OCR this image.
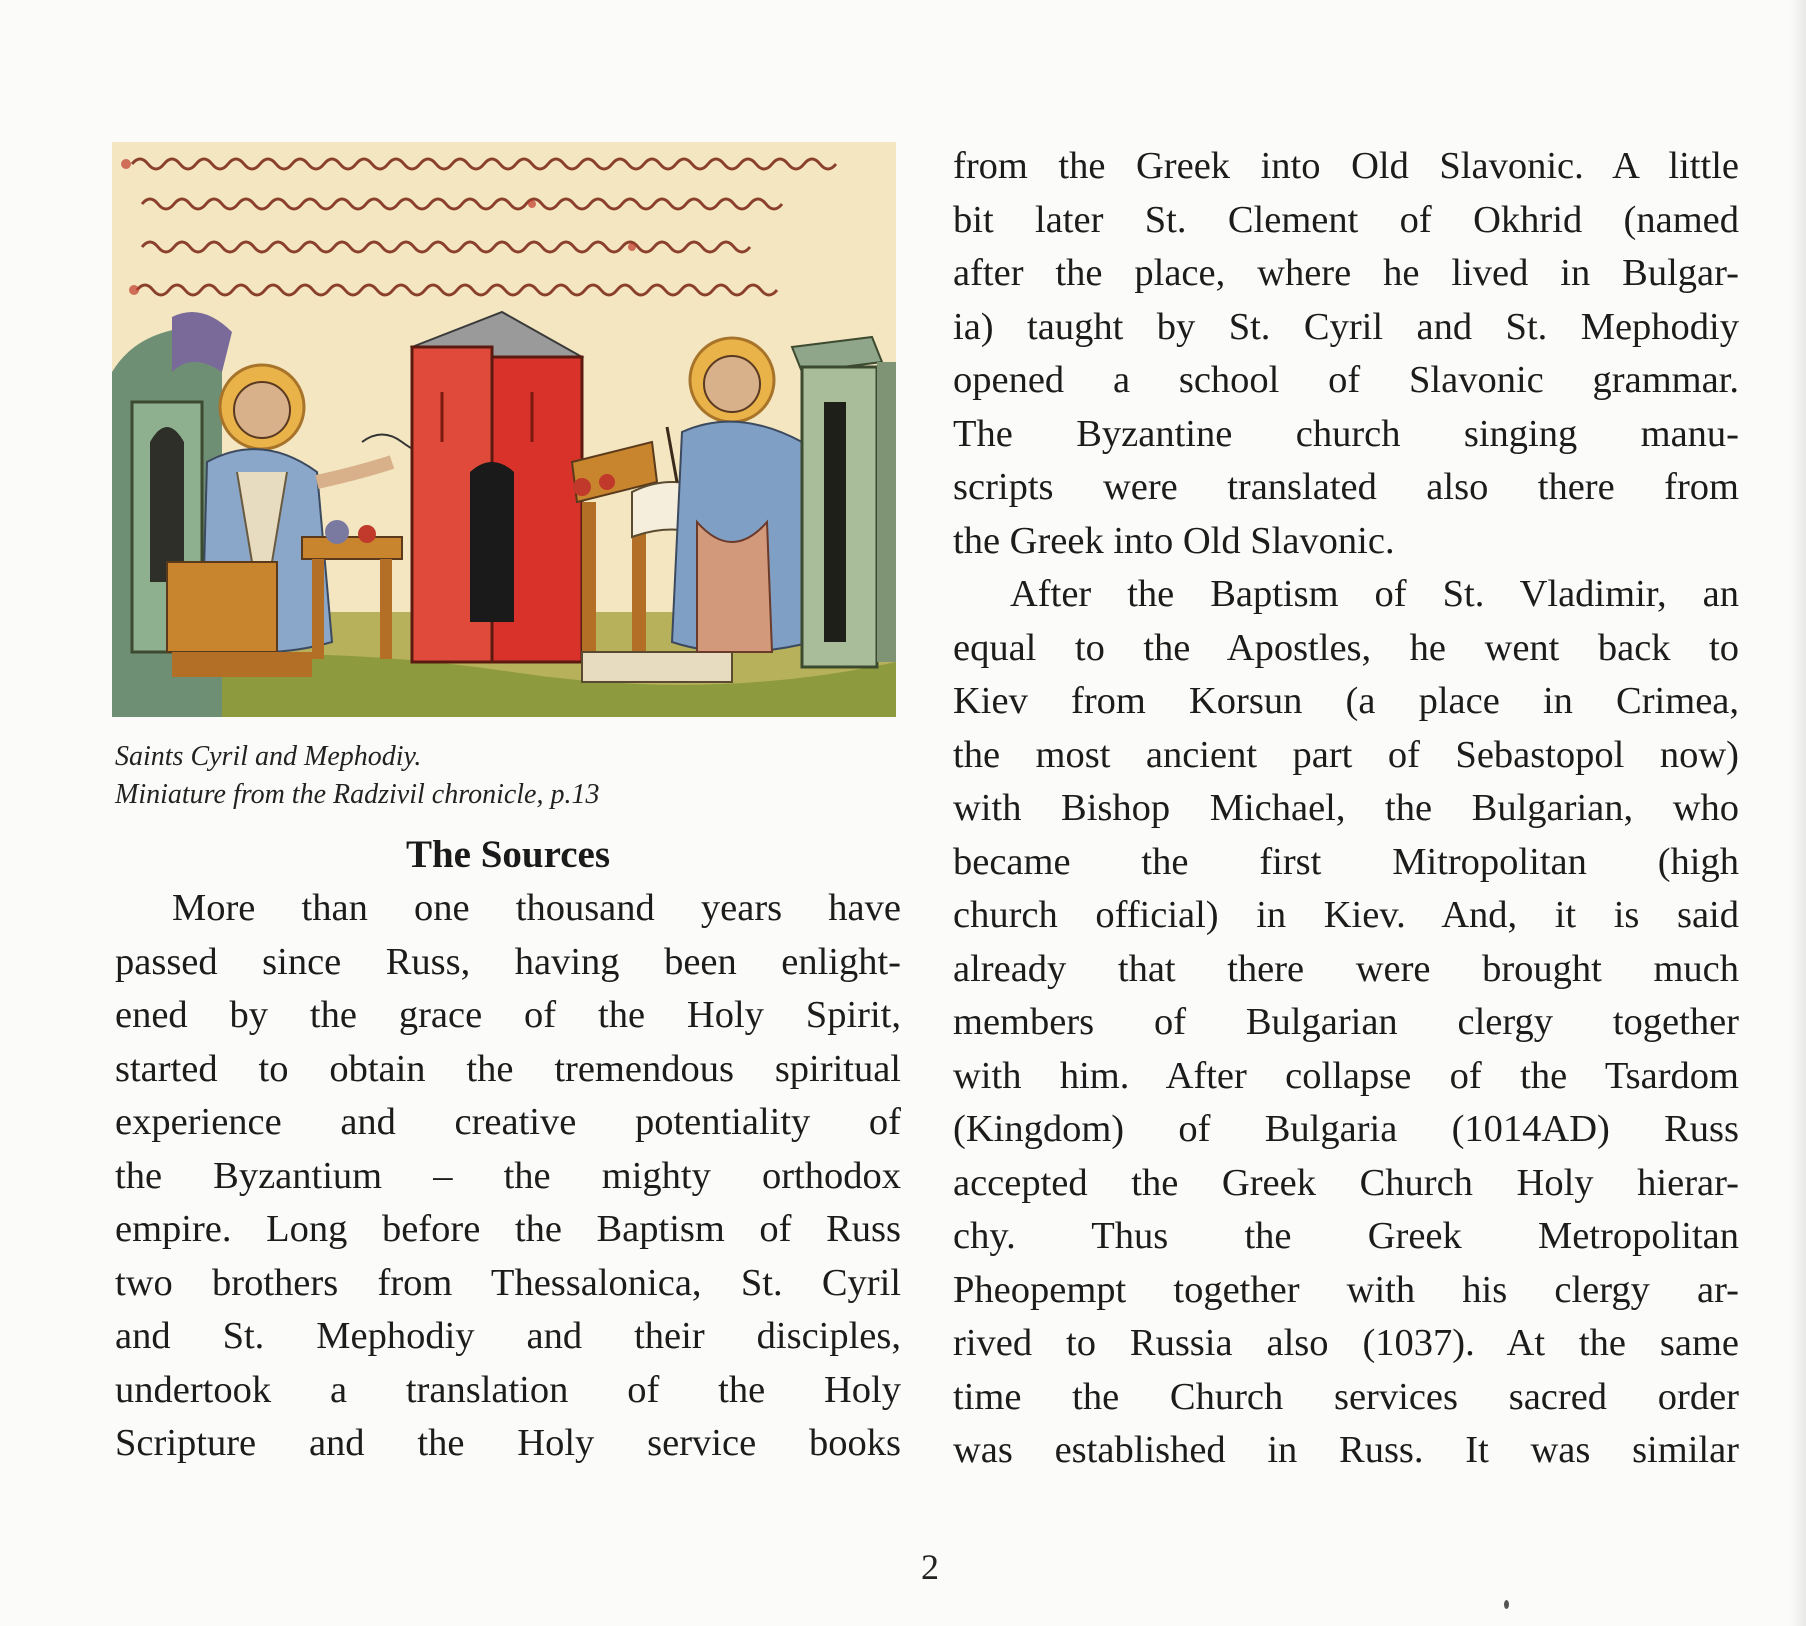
Saints Cyril and Mephodiy.
Miniature from the Radzivil chronicle, p.13
The Sources
More than one thousand years have
passed since Russ, having been enlight-
ened by the grace of the Holy Spirit,
started to obtain the tremendous spiritual
experience and creative potentiality of
the Byzantium – the mighty orthodox
empire. Long before the Baptism of Russ
two brothers from Thessalonica, St. Cyril
and St. Mephodiy and their disciples,
undertook a translation of the Holy
Scripture and the Holy service books
from the Greek into Old Slavonic. A little
bit later St. Clement of Okhrid (named
after the place, where he lived in Bulgar-
ia) taught by St. Cyril and St. Mephodiy
opened a school of Slavonic grammar.
The Byzantine church singing manu-
scripts were translated also there from
the Greek into Old Slavonic.
After the Baptism of St. Vladimir, an
equal to the Apostles, he went back to
Kiev from Korsun (a place in Crimea,
the most ancient part of Sebastopol now)
with Bishop Michael, the Bulgarian, who
became the first Mitropolitan (high
church official) in Kiev. And, it is said
already that there were brought much
members of Bulgarian clergy together
with him. After collapse of the Tsardom
(Kingdom) of Bulgaria (1014AD) Russ
accepted the Greek Church Holy hierar-
chy. Thus the Greek Metropolitan
Pheopempt together with his clergy ar-
rived to Russia also (1037). At the same
time the Church services sacred order
was established in Russ. It was similar
2
